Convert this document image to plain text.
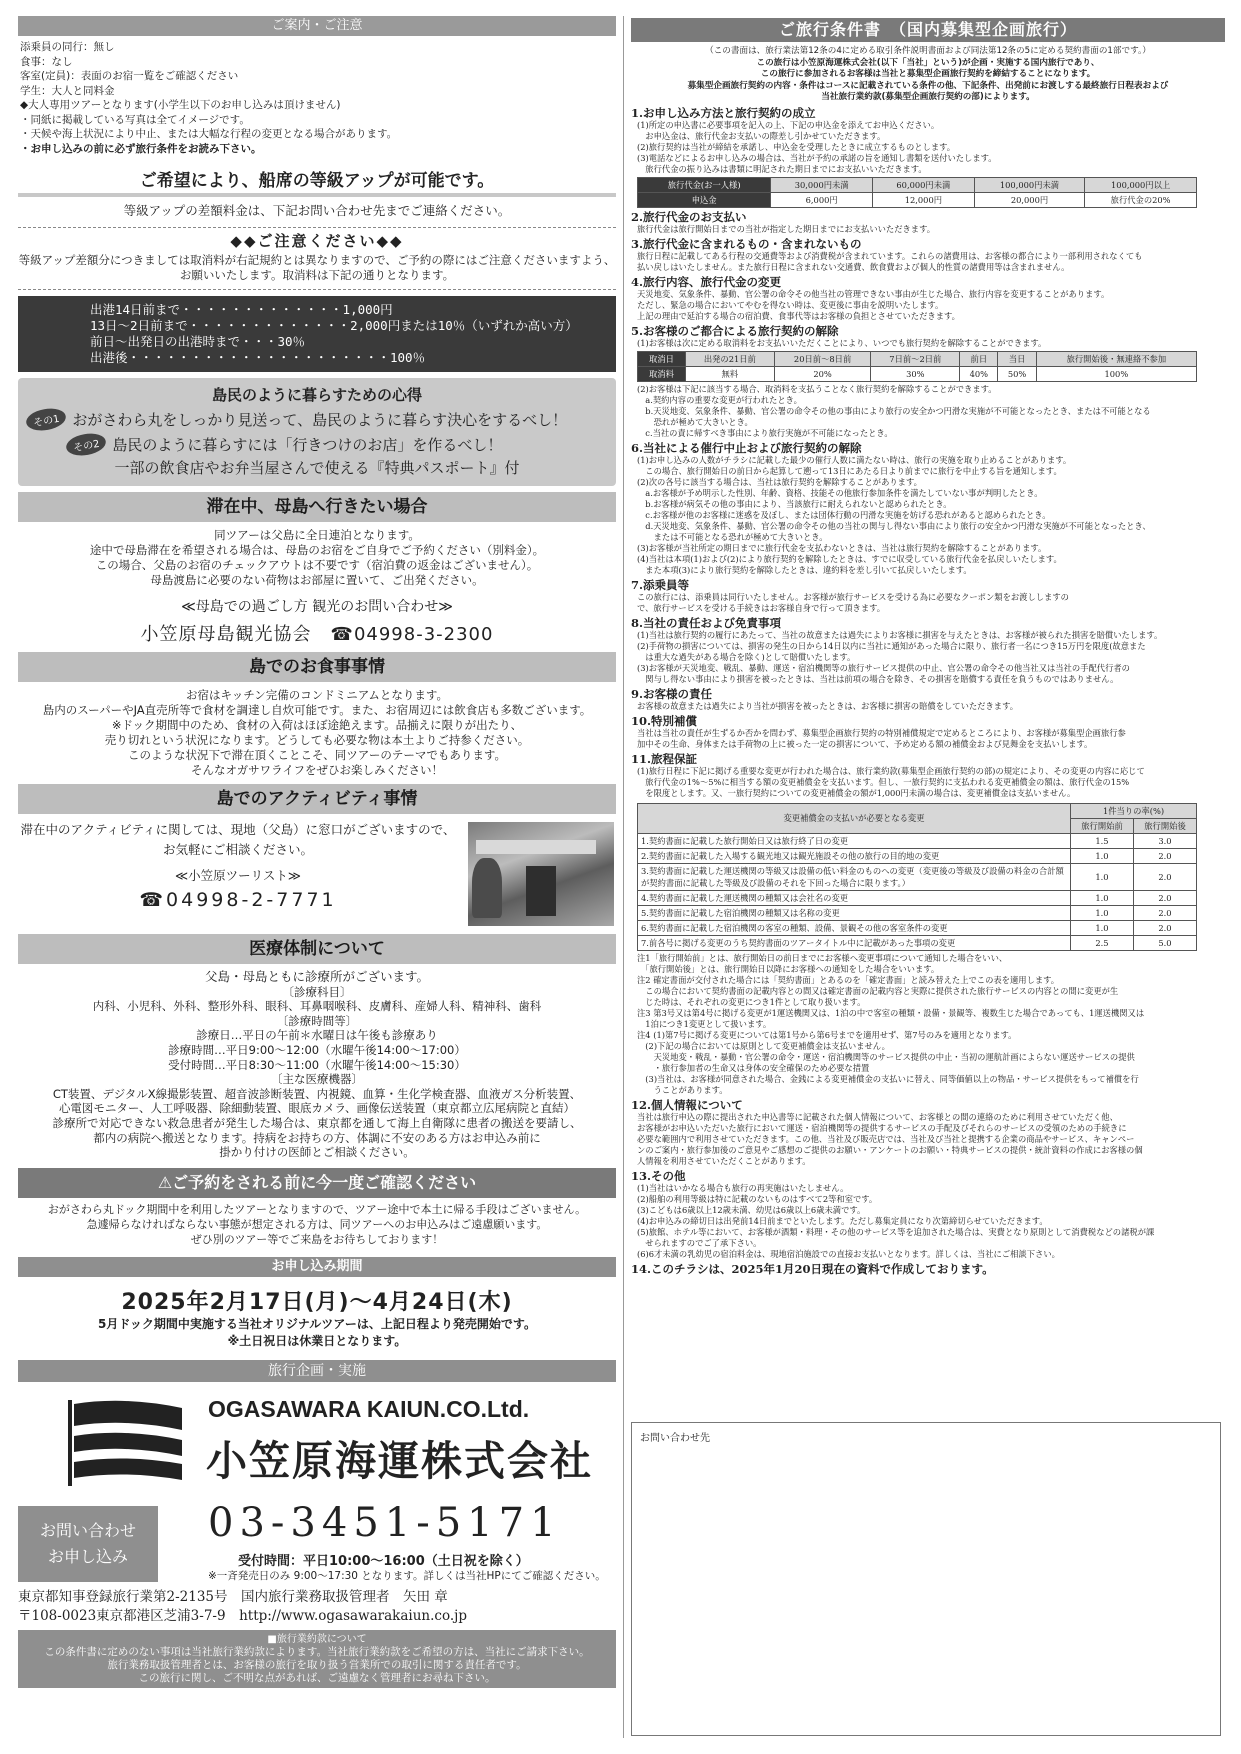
ご案内・ご注意
添乗員の同行：無し
食事：なし
客室(定員)：表面のお宿一覧をご確認ください
学生：大人と同料金
◆大人専用ツアーとなります(小学生以下のお申し込みは頂けません)
・同紙に掲載している写真は全てイメージです。
・天候や海上状況により中止、または大幅な行程の変更となる場合があります。
・お申し込みの前に必ず旅行条件をお読み下さい。
ご希望により、船席の等級アップが可能です。
等級アップの差額料金は、下記お問い合わせ先までご連絡ください。
◆◆ご注意ください◆◆
等級アップ差額分につきましては取消料が右記規約とは異なりますので、ご予約の際にはご注意くださいますよう、
お願いいたします。取消料は下記の通りとなります。
出港14日前まで・・・・・・・・・・・・・1,000円
13日～2日前まで・・・・・・・・・・・・・2,000円または10％（いずれか高い方）
前日～出発日の出港時まで・・・30％
出港後・・・・・・・・・・・・・・・・・・・・・100％
島民のように暮らすための心得
その1 おがさわら丸をしっかり見送って、島民のように暮らす決心をするべし！
その2 島民のように暮らすには「行きつけのお店」を作るべし！
一部の飲食店やお弁当屋さんで使える『特典パスポート』付
滞在中、母島へ行きたい場合
同ツアーは父島に全日連泊となります。
途中で母島滞在を希望される場合は、母島のお宿をご自身でご予約ください（別料金）。
この場合、父島のお宿のチェックアウトは不要です（宿泊費の返金はございません）。
母島渡島に必要のない荷物はお部屋に置いて、ご出発ください。
≪母島での過ごし方 観光のお問い合わせ≫
小笠原母島観光協会　☎04998-3-2300
島でのお食事事情
お宿はキッチン完備のコンドミニアムとなります。
島内のスーパーやJA直売所等で食材を調達し自炊可能です。また、お宿周辺には飲食店も多数ございます。
※ドック期間中のため、食材の入荷はほぼ途絶えます。品揃えに限りが出たり、
売り切れという状況になります。どうしても必要な物は本土よりご持参ください。
このような状況下で滞在頂くことこそ、同ツアーのテーマでもあります。
そんなオガサワライフをぜひお楽しみください！
島でのアクティビティ事情
滞在中のアクティビティに関しては、現地（父島）に窓口がございますので、
お気軽にご相談ください。
≪小笠原ツーリスト≫
☎04998-2-7771
医療体制について
父島・母島ともに診療所がございます。
〔診療科目〕
内科、小児科、外科、整形外科、眼科、耳鼻咽喉科、皮膚科、産婦人科、精神科、歯科
〔診療時間等〕
診療日…平日の午前＊水曜日は午後も診療あり
診療時間…平日9:00～12:00（水曜午後14:00～17:00）
受付時間…平日8:30～11:00（水曜午後14:00～15:30）
〔主な医療機器〕
CT装置、デジタルX線撮影装置、超音波診断装置、内視鏡、血算・生化学検査器、血液ガス分析装置、
心電図モニター、人工呼吸器、除細動装置、眼底カメラ、画像伝送装置（東京都立広尾病院と直結）
診療所で対応できない救急患者が発生した場合は、東京都を通して海上自衛隊に患者の搬送を要請し、
都内の病院へ搬送となります。持病をお持ちの方、体調に不安のある方はお申込み前に
掛かり付けの医師とご相談ください。
⚠ご予約をされる前に今一度ご確認ください
おがさわら丸ドック期間中を利用したツアーとなりますので、ツアー途中で本土に帰る手段はございません。
急遽帰らなければならない事態が想定される方は、同ツアーへのお申込みはご遠慮願います。
ぜひ別のツアー等でご来島をお待ちしております！
お申し込み期間
2025年2月17日(月)～4月24日(木)
5月ドック期間中実施する当社オリジナルツアーは、上記日程より発売開始です。
※土日祝日は休業日となります。
旅行企画・実施
OGASAWARA KAIUN.CO.Ltd.
小笠原海運株式会社
お問い合わせ
お申し込み
03-3451-5171
受付時間：平日10:00～16:00（土日祝を除く）
※一斉発売日のみ 9:00～17:30 となります。詳しくは当社HPにてご確認ください。
東京都知事登録旅行業第2-2135号　国内旅行業務取扱管理者　矢田 章
〒108-0023東京都港区芝浦3-7-9　http://www.ogasawarakaiun.co.jp
■旅行業約款について
この条件書に定めのない事項は当社旅行業約款によります。当社旅行業約款をご希望の方は、当社にご請求下さい。
旅行業務取扱管理者とは、お客様の旅行を取り扱う営業所での取引に関する責任者です。
この旅行に関し、ご不明な点があれば、ご遠慮なく管理者にお尋ね下さい。
ご旅行条件書　（国内募集型企画旅行）
（この書面は、旅行業法第12条の4に定める取引条件説明書面および同法第12条の5に定める契約書面の1部です。）
この旅行は小笠原海運株式会社(以下「当社」という)が企画・実施する国内旅行であり、
この旅行に参加されるお客様は当社と募集型企画旅行契約を締結することになります。
募集型企画旅行契約の内容・条件はコースに記載されている条件の他、下記条件、出発前にお渡しする最終旅行日程表および
当社旅行業約款(募集型企画旅行契約の部)によります。
1.お申し込み方法と旅行契約の成立
(1)所定の申込書に必要事項を記入の上、下記の申込金を添えてお申込ください。
　お申込金は、旅行代金お支払いの際差し引かせていただきます。
(2)旅行契約は当社が締結を承諾し、申込金を受理したときに成立するものとします。
(3)電話などによるお申し込みの場合は、当社が予約の承諾の旨を通知し書類を送付いたします。
　旅行代金の振り込みは書類に明記された期日までにお支払いいただきます。
旅行代金(お一人様)	30,000円未満	60,000円未満	100,000円未満	100,000円以上
申込金	6,000円	12,000円	20,000円	旅行代金の20%
2.旅行代金のお支払い
旅行代金は旅行開始日までの当社が指定した期日までにお支払いいただきます。
3.旅行代金に含まれるもの・含まれないもの
旅行日程に記載してある行程の交通費等および消費税が含まれています。これらの諸費用は、お客様の都合により一部利用されなくても
払い戻しはいたしません。また旅行日程に含まれない交通費、飲食費および個人的性質の諸費用等は含まれません。
4.旅行内容、旅行代金の変更
天災地変、気象条件、暴動、官公署の命令その他当社の管理できない事由が生じた場合、旅行内容を変更することがあります。
ただし、緊急の場合においてやむを得ない時は、変更後に事由を説明いたします。
上記の理由で延泊する場合の宿泊費、食事代等はお客様の負担とさせていただきます。
5.お客様のご都合による旅行契約の解除
(1)お客様は次に定める取消料をお支払いいただくことにより、いつでも旅行契約を解除することができます。
取消日	出発の21日前	20日前～8日前	7日前～2日前	前日	当日	旅行開始後・無連絡不参加
取消料	無料	20%	30%	40%	50%	100%
(2)お客様は下記に該当する場合、取消料を支払うことなく旅行契約を解除することができます。
　a.契約内容の重要な変更が行われたとき。
　b.天災地変、気象条件、暴動、官公署の命令その他の事由により旅行の安全かつ円滑な実施が不可能となったとき、または不可能となる
　　恐れが極めて大きいとき。
　c.当社の責に帰すべき事由により旅行実施が不可能になったとき。
6.当社による催行中止および旅行契約の解除
(1)お申し込みの人数がチラシに記載した最少の催行人数に満たない時は、旅行の実施を取り止めることがあります。
　この場合、旅行開始日の前日から起算して遡って13日にあたる日より前までに旅行を中止する旨を通知します。
(2)次の各号に該当する場合は、当社は旅行契約を解除することがあります。
　a.お客様が予め明示した性別、年齢、資格、技能その他旅行参加条件を満たしていない事が判明したとき。
　b.お客様が病気その他の事由により、当該旅行に耐えられないと認められたとき。
　c.お客様が他のお客様に迷惑を及ぼし、または団体行動の円滑な実施を妨げる恐れがあると認められたとき。
　d.天災地変、気象条件、暴動、官公署の命令その他の当社の関与し得ない事由により旅行の安全かつ円滑な実施が不可能となったとき、
　　または不可能となる恐れが極めて大きいとき。
(3)お客様が当社所定の期日までに旅行代金を支払わないときは、当社は旅行契約を解除することがあります。
(4)当社は本項(1)および(2)により旅行契約を解除したときは、すでに収受している旅行代金を払戻しいたします。
　また本項(3)により旅行契約を解除したときは、違約料を差し引いて払戻しいたします。
7.添乗員等
この旅行には、添乗員は同行いたしません。お客様が旅行サービスを受ける為に必要なクーポン類をお渡ししますの
で、旅行サービスを受ける手続きはお客様自身で行って頂きます。
8.当社の責任および免責事項
(1)当社は旅行契約の履行にあたって、当社の故意または過失によりお客様に損害を与えたときは、お客様が被られた損害を賠償いたします。
(2)手荷物の損害については、損害の発生の日から14日以内に当社に通知があった場合に限り、旅行者一名につき15万円を限度(故意また
　は重大な過失がある場合を除く)として賠償いたします。
(3)お客様が天災地変、戦乱、暴動、運送・宿泊機関等の旅行サービス提供の中止、官公署の命令その他当社又は当社の手配代行者の
　関与し得ない事由により損害を被ったときは、当社は前項の場合を除き、その損害を賠償する責任を負うものではありません。
9.お客様の責任
お客様の故意または過失により当社が損害を被ったときは、お客様に損害の賠償をしていただきます。
10.特別補償
当社は当社の責任が生ずるか否かを問わず、募集型企画旅行契約の特別補償規定で定めるところにより、お客様が募集型企画旅行参
加中その生命、身体または手荷物の上に被った一定の損害について、予め定める額の補償金および見舞金を支払いします。
11.旅程保証
(1)旅行日程に下記に掲げる重要な変更が行われた場合は、旅行業約款(募集型企画旅行契約の部)の規定により、その変更の内容に応じて
　旅行代金の1%～5%に相当する額の変更補償金を支払います。但し、一旅行契約に支払われる変更補償金の額は、旅行代金の15%
　を限度とします。又、一旅行契約についての変更補償金の額が1,000円未満の場合は、変更補償金は支払いません。
変更補償金の支払いが必要となる変更	1件当りの率(%)	
	旅行開始前	旅行開始後
1.契約書面に記載した旅行開始日又は旅行終了日の変更	1.5	3.0
2.契約書面に記載した入場する観光地又は観光施設その他の旅行の目的地の変更	1.0	2.0
3.契約書面に記載した運送機関の等級又は設備の低い料金のものへの変更（変更後の等級及び設備の料金の合計額が契約書面に記載した等級及び設備のそれを下回った場合に限ります。）	1.0	2.0
4.契約書面に記載した運送機関の種類又は会社名の変更	1.0	2.0
5.契約書面に記載した宿泊機関の種類又は名称の変更	1.0	2.0
6.契約書面に記載した宿泊機関の客室の種類、設備、景観その他の客室条件の変更	1.0	2.0
7.前各号に掲げる変更のうち契約書面のツアータイトル中に記載があった事項の変更	2.5	5.0
注1「旅行開始前」とは、旅行開始日の前日までにお客様へ変更事項について通知した場合をいい、
　「旅行開始後」とは、旅行開始日以降にお客様への通知をした場合をいいます。
注2 確定書面が交付された場合には「契約書面」とあるのを「確定書面」と読み替えた上でこの表を適用します。
　この場合において契約書面の記載内容との間又は確定書面の記載内容と実際に提供された旅行サービスの内容との間に変更が生
　じた時は、それぞれの変更につき1件として取り扱います。
注3 第3号又は第4号に掲げる変更が1運送機関又は、1泊の中で客室の種類・設備・景観等、複数生じた場合であっても、1運送機関又は
　1泊につき1変更として扱います。
注4 (1)第7号に掲げる変更については第1号から第6号までを適用せず、第7号のみを適用となります。
　(2)下記の場合においては原則として変更補償金は支払いません。
　　天災地変・戦乱・暴動・官公署の命令・運送・宿泊機関等のサービス提供の中止・当初の運航計画によらない運送サービスの提供
　　・旅行参加者の生命又は身体の安全確保のため必要な措置
　(3)当社は、お客様が同意された場合、金銭による変更補償金の支払いに替え、同等価値以上の物品・サービス提供をもって補償を行
　　うことがあります。
12.個人情報について
当社は旅行申込の際に提出された申込書等に記載された個人情報について、お客様との間の連絡のために利用させていただく他、
お客様がお申込いただいた旅行において運送・宿泊機関等の提供するサービスの手配及びそれらのサービスの受領のための手続きに
必要な範囲内で利用させていただきます。この他、当社及び販売店では、当社及び当社と提携する企業の商品やサービス、キャンペー
ンのご案内・旅行参加後のご意見やご感想のご提供のお願い・アンケートのお願い・特典サービスの提供・統計資料の作成にお客様の個
人情報を利用させていただくことがあります。
13.その他
(1)当社はいかなる場合も旅行の再実施はいたしません。
(2)船舶の利用等級は特に記載のないものはすべて2等和室です。
(3)こどもは6歳以上12歳未満、幼児は6歳以上6歳未満です。
(4)お申込みの締切日は出発前14日前までといたします。ただし募集定員になり次第締切らせていただきます。
(5)旅館、ホテル等において、お客様が酒類・料理・その他のサービス等を追加された場合は、実費となり原則として消費税などの諸税が課
　せられますのでご了承下さい。
(6)6才未満の乳幼児の宿泊料金は、現地宿泊施設での直接お支払いとなります。詳しくは、当社にご相談下さい。
14.このチラシは、2025年1月20日現在の資料で作成しております。
お問い合わせ先
